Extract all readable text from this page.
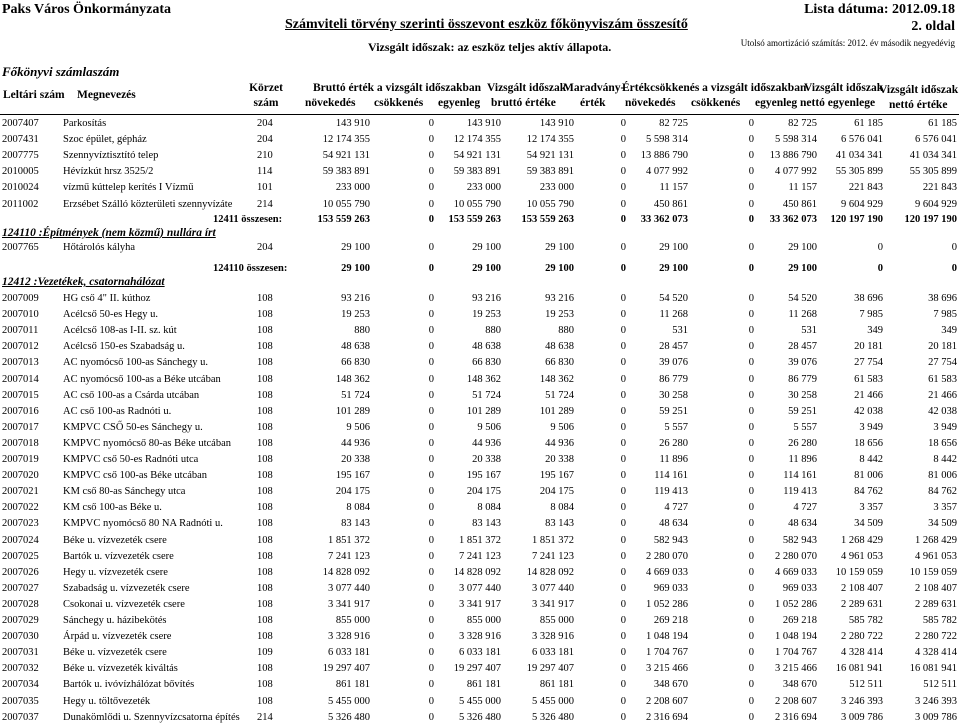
Paks Város Önkormányzata
Számviteli törvény szerinti összevont eszköz főkönyviszám összesítő
Vizsgált időszak: az eszköz teljes aktív állapota.
Lista dátuma: 2012.09.18
2. oldal
Utolsó amortizáció számítás: 2012. év második negyedévig
Főkönyvi számlaszám
Leltári szám Megnevezés
Körzet
szám
Bruttó érték a vizsgált időszakban
növekedés csökkenés egyenleg
Vizsgált időszak
bruttó értéke
Maradvány-
érték
Értékcsökkenés a vizsgált időszakban
növekedés csökkenés egyenleg
Vizsgált időszak
nettó egyenlege
Vizsgált időszak
nettó értéke
2007407	Parkosítás	204	143 910	0	143 910	143 910	0	82 725	0	82 725	61 185	61 185
2007431	Szoc épület, gépház	204	12 174 355	0	12 174 355	12 174 355	0	5 598 314	0	5 598 314	6 576 041	6 576 041
2007775	Szennyvíztisztító telep	210	54 921 131	0	54 921 131	54 921 131	0	13 886 790	0	13 886 790	41 034 341	41 034 341
2010005	Hévízkút hrsz 3525/2	114	59 383 891	0	59 383 891	59 383 891	0	4 077 992	0	4 077 992	55 305 899	55 305 899
2010024	vízmű kúttelep kerítés I Vízmű	101	233 000	0	233 000	233 000	0	11 157	0	11 157	221 843	221 843
2011002	Erzsébet Szálló közterületi szennyvízáte	214	10 055 790	0	10 055 790	10 055 790	0	450 861	0	450 861	9 604 929	9 604 929
12411 összesen:	153 559 263	0	153 559 263	153 559 263	0	33 362 073	0	33 362 073	120 197 190	120 197 190
124110 :Építmények (nem közmű) nullára írt
2007765	Hőtárolós kályha	204	29 100	0	29 100	29 100	0	29 100	0	29 100	0	0
124110 összesen:	29 100	0	29 100	29 100	0	29 100	0	29 100	0	0
12412 :Vezetékek, csatornahálózat
2007009	HG cső 4" II. kúthoz	108	93 216	0	93 216	93 216	0	54 520	0	54 520	38 696	38 696
2007010	Acélcső 50-es Hegy u.	108	19 253	0	19 253	19 253	0	11 268	0	11 268	7 985	7 985
2007011	Acélcső 108-as I-II. sz. kút	108	880	0	880	880	0	531	0	531	349	349
2007012	Acélcső 150-es Szabadság u.	108	48 638	0	48 638	48 638	0	28 457	0	28 457	20 181	20 181
2007013	AC nyomócső 100-as Sánchegy u.	108	66 830	0	66 830	66 830	0	39 076	0	39 076	27 754	27 754
2007014	AC nyomócső 100-as a Béke utcában	108	148 362	0	148 362	148 362	0	86 779	0	86 779	61 583	61 583
2007015	AC cső 100-as a Csárda utcában	108	51 724	0	51 724	51 724	0	30 258	0	30 258	21 466	21 466
2007016	AC cső 100-as Radnóti u.	108	101 289	0	101 289	101 289	0	59 251	0	59 251	42 038	42 038
2007017	KMPVC CSŐ 50-es Sánchegy u.	108	9 506	0	9 506	9 506	0	5 557	0	5 557	3 949	3 949
2007018	KMPVC nyomócső 80-as Béke utcában	108	44 936	0	44 936	44 936	0	26 280	0	26 280	18 656	18 656
2007019	KMPVC cső 50-es Radnóti utca	108	20 338	0	20 338	20 338	0	11 896	0	11 896	8 442	8 442
2007020	KMPVC cső 100-as Béke utcában	108	195 167	0	195 167	195 167	0	114 161	0	114 161	81 006	81 006
2007021	KM cső 80-as Sánchegy utca	108	204 175	0	204 175	204 175	0	119 413	0	119 413	84 762	84 762
2007022	KM cső 100-as Béke u.	108	8 084	0	8 084	8 084	0	4 727	0	4 727	3 357	3 357
2007023	KMPVC nyomócső 80 NA Radnóti u.	108	83 143	0	83 143	83 143	0	48 634	0	48 634	34 509	34 509
2007024	Béke u. vízvezeték csere	108	1 851 372	0	1 851 372	1 851 372	0	582 943	0	582 943	1 268 429	1 268 429
2007025	Bartók u. vízvezeték csere	108	7 241 123	0	7 241 123	7 241 123	0	2 280 070	0	2 280 070	4 961 053	4 961 053
2007026	Hegy u. vízvezeték csere	108	14 828 092	0	14 828 092	14 828 092	0	4 669 033	0	4 669 033	10 159 059	10 159 059
2007027	Szabadság u. vízvezeték csere	108	3 077 440	0	3 077 440	3 077 440	0	969 033	0	969 033	2 108 407	2 108 407
2007028	Csokonai u. vízvezeték csere	108	3 341 917	0	3 341 917	3 341 917	0	1 052 286	0	1 052 286	2 289 631	2 289 631
2007029	Sánchegy u. házibekötés	108	855 000	0	855 000	855 000	0	269 218	0	269 218	585 782	585 782
2007030	Árpád u. vízvezeték csere	108	3 328 916	0	3 328 916	3 328 916	0	1 048 194	0	1 048 194	2 280 722	2 280 722
2007031	Béke u. vízvezeték csere	109	6 033 181	0	6 033 181	6 033 181	0	1 704 767	0	1 704 767	4 328 414	4 328 414
2007032	Béke u. vízvezeték kiváltás	108	19 297 407	0	19 297 407	19 297 407	0	3 215 466	0	3 215 466	16 081 941	16 081 941
2007034	Bartók u. ivóvízhálózat bővítés	108	861 181	0	861 181	861 181	0	348 670	0	348 670	512 511	512 511
2007035	Hegy u. töltővezeték	108	5 455 000	0	5 455 000	5 455 000	0	2 208 607	0	2 208 607	3 246 393	3 246 393
2007037	Dunakömlődi u. Szennyvízcsatorna építés	214	5 326 480	0	5 326 480	5 326 480	0	2 316 694	0	2 316 694	3 009 786	3 009 786
